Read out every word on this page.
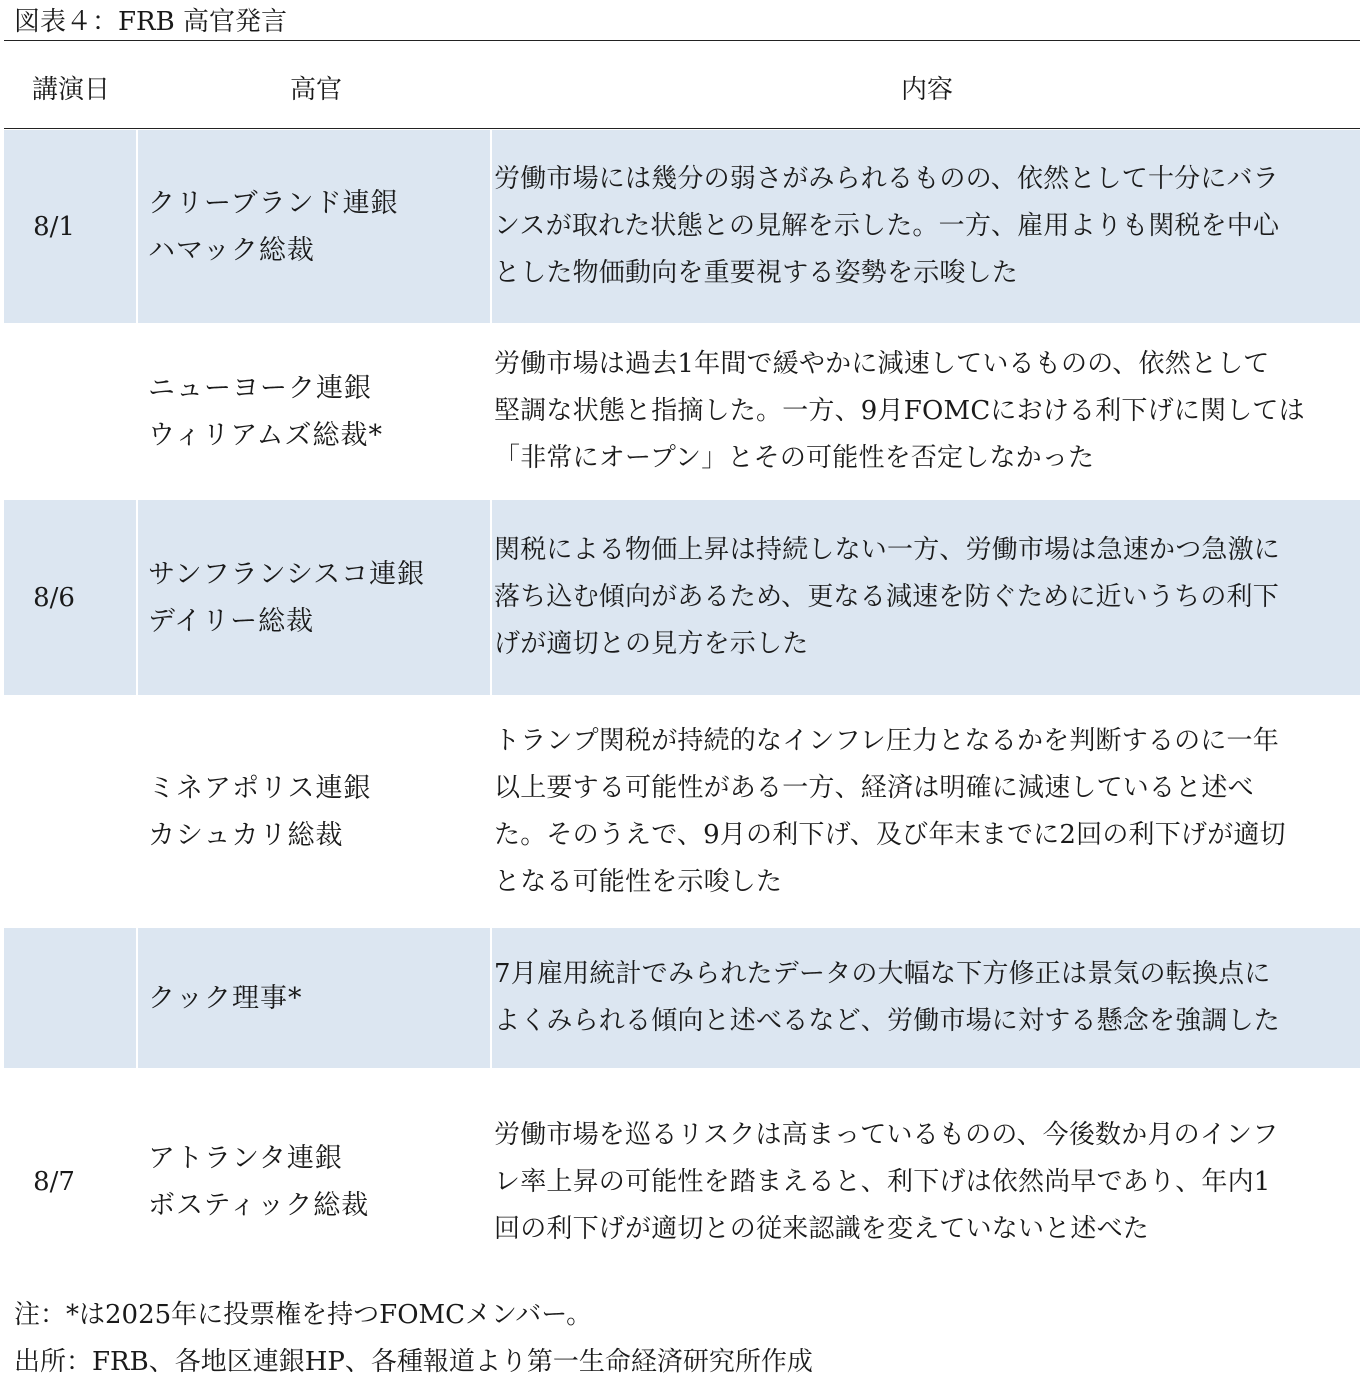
図表４：FRB 高官発言
講演日	高官	内容
8/1
クリーブランド連銀
ハマック総裁
労働市場には幾分の弱さがみられるものの、依然として十分にバラ
ンスが取れた状態との見解を示した。一方、雇用よりも関税を中心
とした物価動向を重要視する姿勢を示唆した
ニューヨーク連銀
ウィリアムズ総裁*
労働市場は過去1年間で緩やかに減速しているものの、依然として
堅調な状態と指摘した。一方、9月FOMCにおける利下げに関しては
「非常にオープン」とその可能性を否定しなかった
8/6
サンフランシスコ連銀
デイリー総裁
関税による物価上昇は持続しない一方、労働市場は急速かつ急激に
落ち込む傾向があるため、更なる減速を防ぐために近いうちの利下
げが適切との見方を示した
ミネアポリス連銀
カシュカリ総裁
トランプ関税が持続的なインフレ圧力となるかを判断するのに一年
以上要する可能性がある一方、経済は明確に減速していると述べ
た。そのうえで、9月の利下げ、及び年末までに2回の利下げが適切
となる可能性を示唆した
クック理事*
7月雇用統計でみられたデータの大幅な下方修正は景気の転換点に
よくみられる傾向と述べるなど、労働市場に対する懸念を強調した
8/7
アトランタ連銀
ボスティック総裁
労働市場を巡るリスクは高まっているものの、今後数か月のインフ
レ率上昇の可能性を踏まえると、利下げは依然尚早であり、年内1
回の利下げが適切との従来認識を変えていないと述べた
注：*は2025年に投票権を持つFOMCメンバー。
出所：FRB、各地区連銀HP、各種報道より第一生命経済研究所作成
